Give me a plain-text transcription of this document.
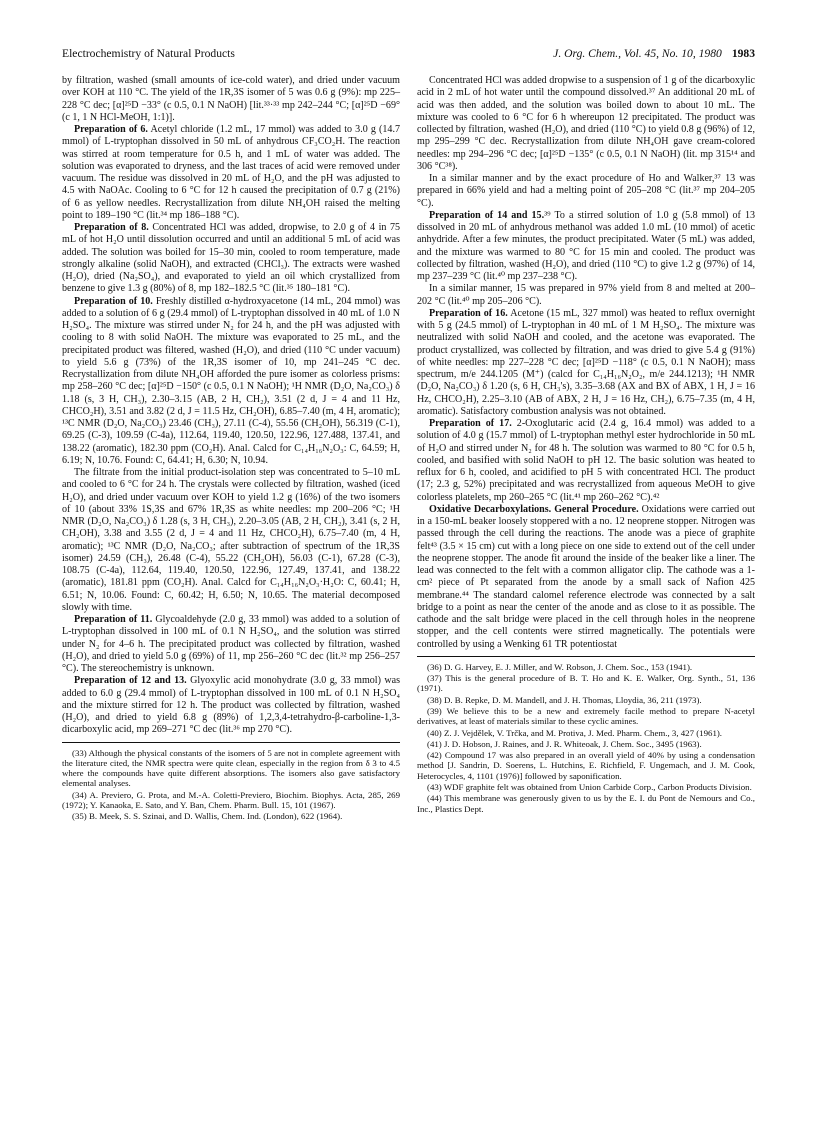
Electrochemistry of Natural Products	J. Org. Chem., Vol. 45, No. 10, 1980 1983

by filtration, washed (small amounts of ice-cold water), and dried under vacuum over KOH at 110 °C. The yield of the 1R,3S isomer of 5 was 0.6 g (9%): mp 225–228 °C dec; [α]²⁵D −33° (c 0.5, 0.1 N NaOH) [lit.³³·³³ mp 242–244 °C; [α]²⁵D −69° (c 1, 1 N HCl-MeOH, 1:1)].

Preparation of 6. Acetyl chloride (1.2 mL, 17 mmol) was added to 3.0 g (14.7 mmol) of L-tryptophan dissolved in 50 mL of anhydrous CF₃CO₂H. The reaction was stirred at room temperature for 0.5 h, and 1 mL of water was added. The solution was evaporated to dryness, and the last traces of acid were removed under vacuum. The residue was dissolved in 20 mL of H₂O, and the pH was adjusted to 4.5 with NaOAc. Cooling to 6 °C for 12 h caused the precipitation of 0.7 g (21%) of 6 as yellow needles. Recrystallization from dilute NH₄OH raised the melting point to 189–190 °C (lit.³⁴ mp 186–188 °C).

Preparation of 8. Concentrated HCl was added, dropwise, to 2.0 g of 4 in 75 mL of hot H₂O until dissolution occurred and until an additional 5 mL of acid was added. The solution was boiled for 15–30 min, cooled to room temperature, made strongly alkaline (solid NaOH), and extracted (CHCl₃). The extracts were washed (H₂O), dried (Na₂SO₄), and evaporated to yield an oil which crystallized from benzene to give 1.3 g (80%) of 8, mp 182–182.5 °C (lit.³⁵ 180–181 °C).

Preparation of 10. Freshly distilled α-hydroxyacetone (14 mL, 204 mmol) was added to a solution of 6 g (29.4 mmol) of L-tryptophan dissolved in 40 mL of 1.0 N H₂SO₄. The mixture was stirred under N₂ for 24 h, and the pH was adjusted with cooling to 8 with solid NaOH. The mixture was evaporated to 25 mL, and the precipitated product was filtered, washed (H₂O), and dried (110 °C under vacuum) to yield 5.6 g (73%) of the 1R,3S isomer of 10, mp 241–245 °C dec. Recrystallization from dilute NH₄OH afforded the pure isomer as colorless prisms: mp 258–260 °C dec; [α]²⁵D −150° (c 0.5, 0.1 N NaOH); ¹H NMR (D₂O, Na₂CO₃) δ 1.18 (s, 3 H, CH₃), 2.30–3.15 (AB, 2 H, CH₂), 3.51 (2 d, J = 4 and 11 Hz, CHCO₂H), 3.51 and 3.82 (2 d, J = 11.5 Hz, CH₂OH), 6.85–7.40 (m, 4 H, aromatic); ¹³C NMR (D₂O, Na₂CO₃) 23.46 (CH₃), 27.11 (C-4), 55.56 (CH₂OH), 56.319 (C-1), 69.25 (C-3), 109.59 (C-4a), 112.64, 119.40, 120.50, 122.96, 127.488, 137.41, and 138.22 (aromatic), 182.30 ppm (CO₂H). Anal. Calcd for C₁₄H₁₆N₂O₃: C, 64.59; H, 6.19; N, 10.76. Found: C, 64.41; H, 6.30; N, 10.94.

The filtrate from the initial product-isolation step was concentrated to 5–10 mL and cooled to 6 °C for 24 h. The crystals were collected by filtration, washed (iced H₂O), and dried under vacuum over KOH to yield 1.2 g (16%) of the two isomers of 10 (about 33% 1S,3S and 67% 1R,3S as white needles: mp 200–206 °C; ¹H NMR (D₂O, Na₂CO₃) δ 1.28 (s, 3 H, CH₃), 2.20–3.05 (AB, 2 H, CH₂), 3.41 (s, 2 H, CH₂OH), 3.38 and 3.55 (2 d, J = 4 and 11 Hz, CHCO₂H), 6.75–7.40 (m, 4 H, aromatic); ¹³C NMR (D₂O, Na₂CO₃; after subtraction of spectrum of the 1R,3S isomer) 24.59 (CH₃), 26.48 (C-4), 55.22 (CH₂OH), 56.03 (C-1), 67.28 (C-3), 108.75 (C-4a), 112.64, 119.40, 120.50, 122.96, 127.49, 137.41, and 138.22 (aromatic), 181.81 ppm (CO₂H). Anal. Calcd for C₁₄H₁₆N₂O₃·H₂O: C, 60.41; H, 6.51; N, 10.06. Found: C, 60.42; H, 6.50; N, 10.65. The material decomposed slowly with time.

Preparation of 11. Glycoaldehyde (2.0 g, 33 mmol) was added to a solution of L-tryptophan dissolved in 100 mL of 0.1 N H₂SO₄, and the solution was stirred under N₂ for 4–6 h. The precipitated product was collected by filtration, washed (H₂O), and dried to yield 5.0 g (69%) of 11, mp 256–260 °C dec (lit.³² mp 256–257 °C). The stereochemistry is unknown.

Preparation of 12 and 13. Glyoxylic acid monohydrate (3.0 g, 33 mmol) was added to 6.0 g (29.4 mmol) of L-tryptophan dissolved in 100 mL of 0.1 N H₂SO₄ and the mixture stirred for 12 h. The product was collected by filtration, washed (H₂O), and dried to yield 6.8 g (89%) of 1,2,3,4-tetrahydro-β-carboline-1,3-dicarboxylic acid, mp 269–271 °C dec (lit.³⁶ mp 270 °C).

(33) Although the physical constants of the isomers of 5 are not in complete agreement with the literature cited, the NMR spectra were quite clean, especially in the region from δ 3 to 4.5 where the compounds have quite different absorptions. The isomers also gave satisfactory elemental analyses.

(34) A. Previero, G. Prota, and M.-A. Coletti-Previero, Biochim. Biophys. Acta, 285, 269 (1972); Y. Kanaoka, E. Sato, and Y. Ban, Chem. Pharm. Bull. 15, 101 (1967).

(35) B. Meek, S. S. Szinai, and D. Wallis, Chem. Ind. (London), 622 (1964).

Concentrated HCl was added dropwise to a suspension of 1 g of the dicarboxylic acid in 2 mL of hot water until the compound dissolved.³⁷ An additional 20 mL of acid was then added, and the solution was boiled down to about 10 mL. The mixture was cooled to 6 °C for 6 h whereupon 12 precipitated. The product was collected by filtration, washed (H₂O), and dried (110 °C) to yield 0.8 g (96%) of 12, mp 295–299 °C dec. Recrystallization from dilute NH₄OH gave cream-colored needles: mp 294–296 °C dec; [α]²⁵D −135° (c 0.5, 0.1 N NaOH) (lit. mp 315¹⁴ and 306 °C³⁸).

In a similar manner and by the exact procedure of Ho and Walker,³⁷ 13 was prepared in 66% yield and had a melting point of 205–208 °C (lit.³⁷ mp 204–205 °C).

Preparation of 14 and 15.³⁹ To a stirred solution of 1.0 g (5.8 mmol) of 13 dissolved in 20 mL of anhydrous methanol was added 1.0 mL (10 mmol) of acetic anhydride. After a few minutes, the product precipitated. Water (5 mL) was added, and the mixture was warmed to 80 °C for 15 min and cooled. The product was collected by filtration, washed (H₂O), and dried (110 °C) to give 1.2 g (97%) of 14, mp 237–239 °C (lit.⁴⁰ mp 237–238 °C).

In a similar manner, 15 was prepared in 97% yield from 8 and melted at 200–202 °C (lit.⁴⁰ mp 205–206 °C).

Preparation of 16. Acetone (15 mL, 327 mmol) was heated to reflux overnight with 5 g (24.5 mmol) of L-tryptophan in 40 mL of 1 M H₂SO₄. The mixture was neutralized with solid NaOH and cooled, and the acetone was evaporated. The product crystallized, was collected by filtration, and was dried to give 5.4 g (91%) of white needles: mp 227–228 °C dec; [α]²⁵D −118° (c 0.5, 0.1 N NaOH); mass spectrum, m/e 244.1205 (M⁺) (calcd for C₁₄H₁₆N₂O₂, m/e 244.1213); ¹H NMR (D₂O, Na₂CO₃) δ 1.20 (s, 6 H, CH₃'s), 3.35–3.68 (AX and BX of ABX, 1 H, J = 16 Hz, CHCO₂H), 2.25–3.10 (AB of ABX, 2 H, J = 16 Hz, CH₂), 6.75–7.35 (m, 4 H, aromatic). Satisfactory combustion analysis was not obtained.

Preparation of 17. 2-Oxoglutaric acid (2.4 g, 16.4 mmol) was added to a solution of 4.0 g (15.7 mmol) of L-tryptophan methyl ester hydrochloride in 50 mL of H₂O and stirred under N₂ for 48 h. The solution was warmed to 80 °C for 0.5 h, cooled, and basified with solid NaOH to pH 12. The basic solution was heated to reflux for 6 h, cooled, and acidified to pH 5 with concentrated HCl. The product (17; 2.3 g, 52%) precipitated and was recrystallized from aqueous MeOH to give colorless platelets, mp 260–265 °C (lit.⁴¹ mp 260–262 °C).⁴²

Oxidative Decarboxylations. General Procedure. Oxidations were carried out in a 150-mL beaker loosely stoppered with a no. 12 neoprene stopper. Nitrogen was passed through the cell during the reactions. The anode was a piece of graphite felt⁴³ (3.5 × 15 cm) cut with a long piece on one side to extend out of the cell under the neoprene stopper. The anode fit around the inside of the beaker like a liner. The lead was connected to the felt with a common alligator clip. The cathode was a 1-cm² piece of Pt separated from the anode by a small sack of Nafion 425 membrane.⁴⁴ The standard calomel reference electrode was connected by a salt bridge to a point as near the center of the anode and as close to it as possible. The cathode and the salt bridge were placed in the cell through holes in the neoprene stopper, and the cell contents were stirred magnetically. The potentials were controlled by using a Wenking 61 TR potentiostat

(36) D. G. Harvey, E. J. Miller, and W. Robson, J. Chem. Soc., 153 (1941).

(37) This is the general procedure of B. T. Ho and K. E. Walker, Org. Synth., 51, 136 (1971).

(38) D. B. Repke, D. M. Mandell, and J. H. Thomas, Lloydia, 36, 211 (1973).

(39) We believe this to be a new and extremely facile method to prepare N-acetyl derivatives, at least of materials similar to these cyclic amines.

(40) Z. J. Vejdělek, V. Trčka, and M. Protiva, J. Med. Pharm. Chem., 3, 427 (1961).

(41) J. D. Hobson, J. Raines, and J. R. Whiteoak, J. Chem. Soc., 3495 (1963).

(42) Compound 17 was also prepared in an overall yield of 40% by using a condensation method [J. Sandrin, D. Soerens, L. Hutchins, E. Richfield, F. Ungemach, and J. M. Cook, Heterocycles, 4, 1101 (1976)] followed by saponification.

(43) WDF graphite felt was obtained from Union Carbide Corp., Carbon Products Division.

(44) This membrane was generously given to us by the E. I. du Pont de Nemours and Co., Inc., Plastics Dept.
